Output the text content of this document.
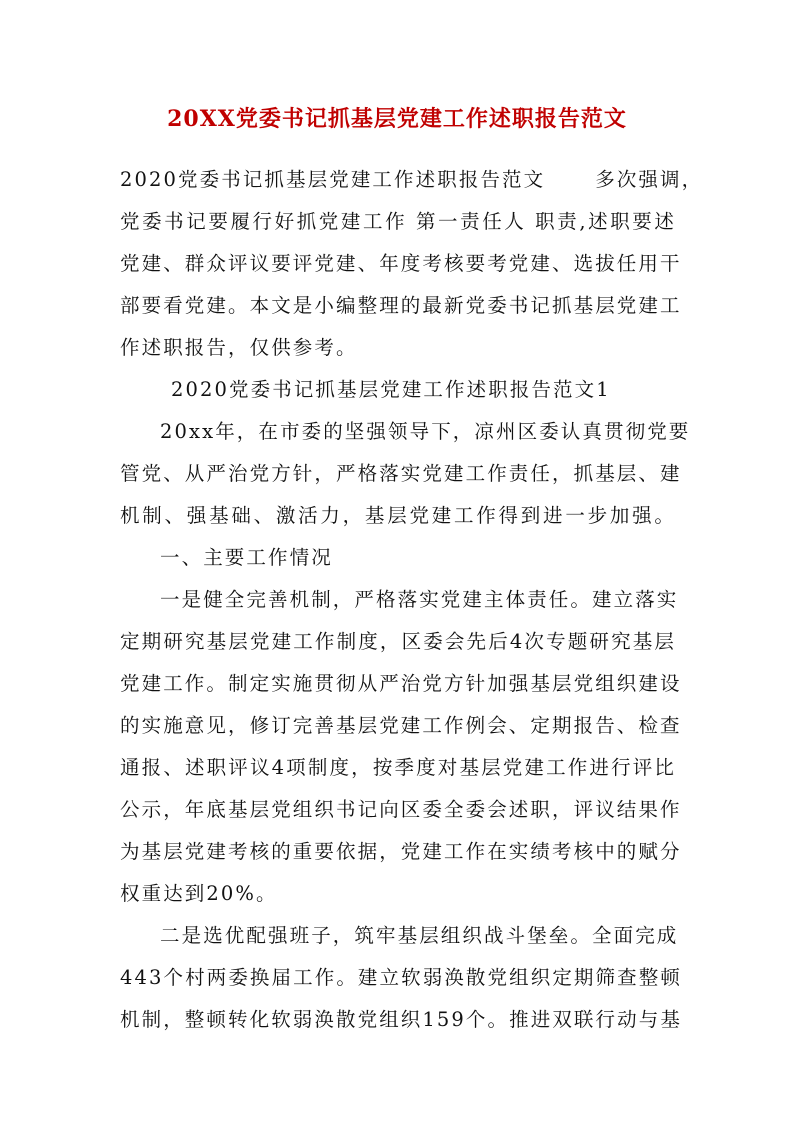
20XX党委书记抓基层党建工作述职报告范文
2020党委书记抓基层党建工作述职报告范文	多次强调，
党委书记要履行好抓党建工作 第一责任人 职责,述职要述
党建、群众评议要评党建、年度考核要考党建、选拔任用干
部要看党建。本文是小编整理的最新党委书记抓基层党建工
作述职报告，仅供参考。
2020党委书记抓基层党建工作述职报告范文1
20xx年，在市委的坚强领导下，凉州区委认真贯彻党要
管党、从严治党方针，严格落实党建工作责任，抓基层、建
机制、强基础、激活力，基层党建工作得到进一步加强。
一、主要工作情况
一是健全完善机制，严格落实党建主体责任。建立落实
定期研究基层党建工作制度，区委会先后4次专题研究基层
党建工作。制定实施贯彻从严治党方针加强基层党组织建设
的实施意见，修订完善基层党建工作例会、定期报告、检查
通报、述职评议4项制度，按季度对基层党建工作进行评比
公示，年底基层党组织书记向区委全委会述职，评议结果作
为基层党建考核的重要依据，党建工作在实绩考核中的赋分
权重达到20%。
二是选优配强班子，筑牢基层组织战斗堡垒。全面完成
443个村两委换届工作。建立软弱涣散党组织定期筛查整顿
机制，整顿转化软弱涣散党组织159个。推进双联行动与基
